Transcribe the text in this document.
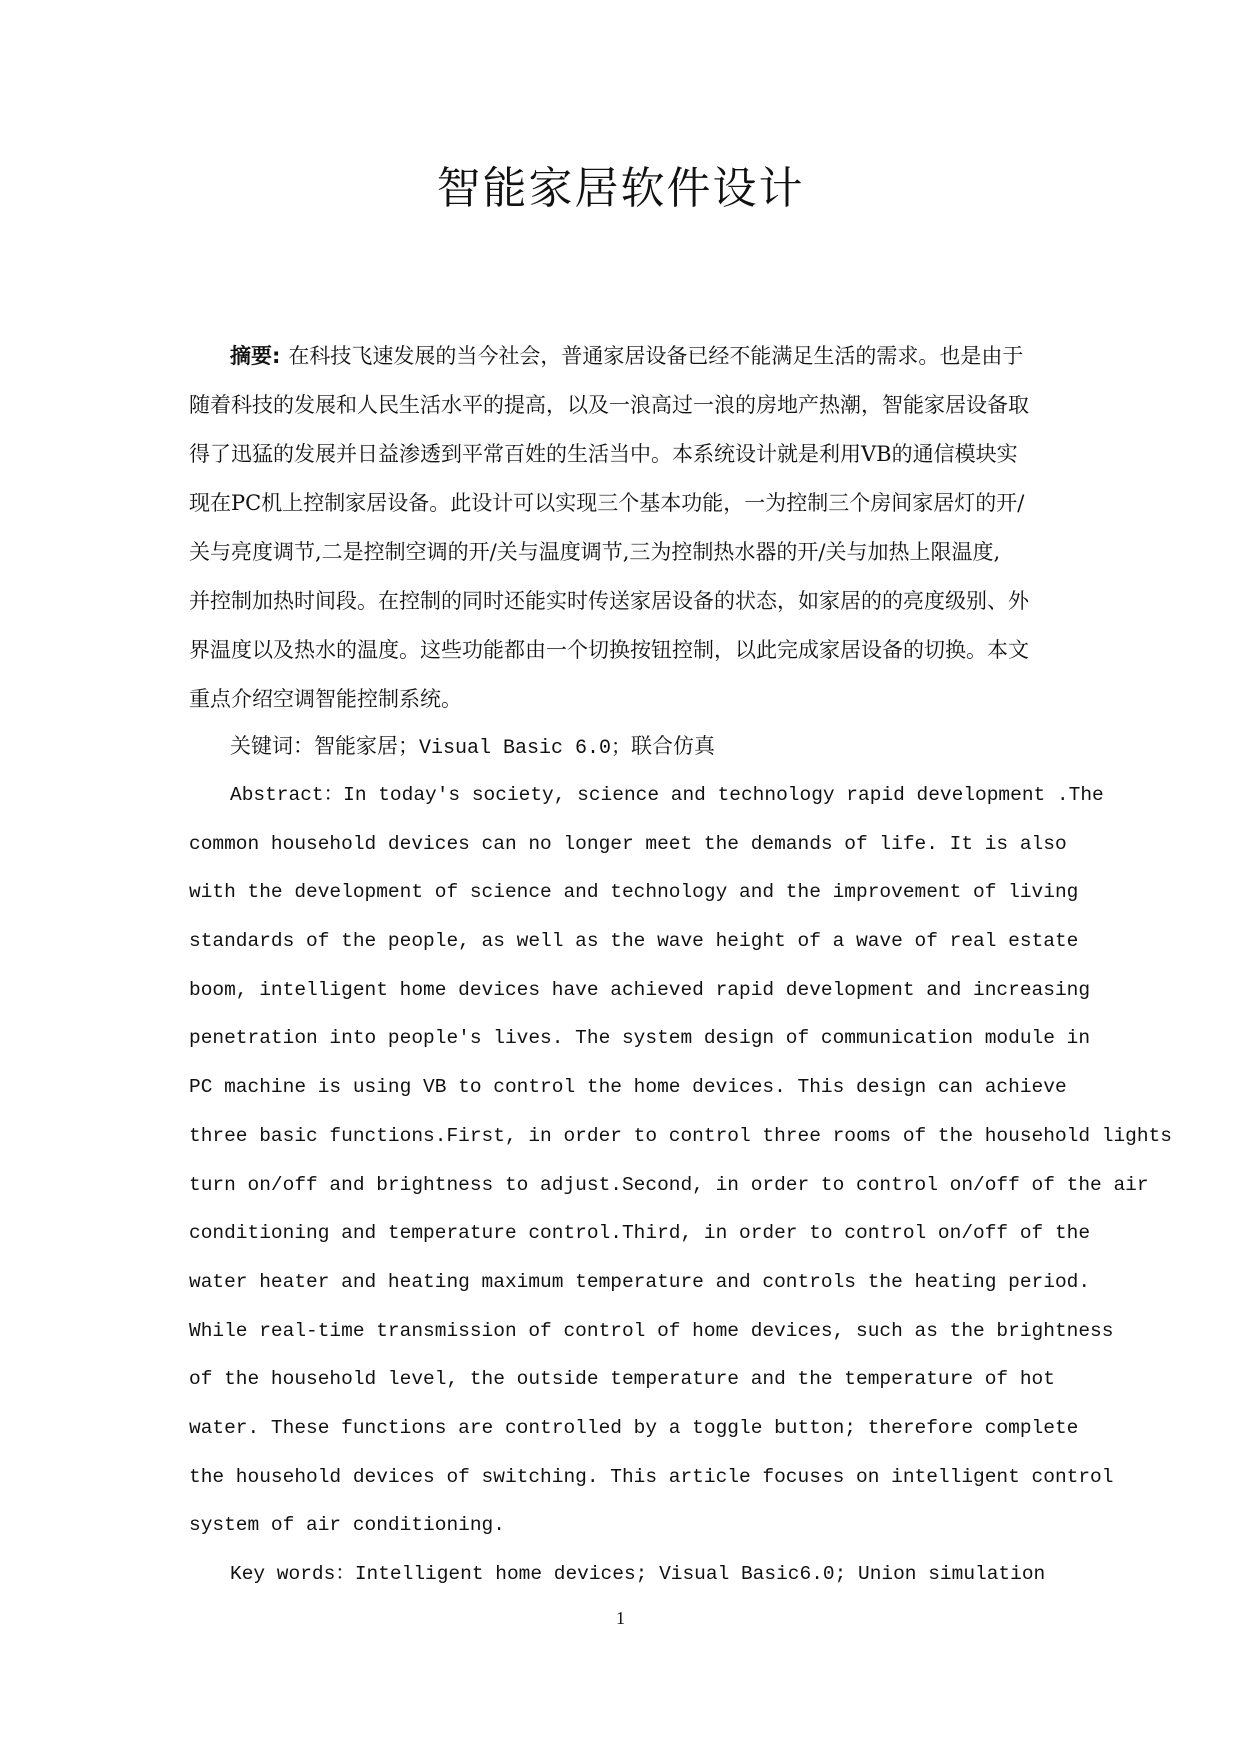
智能家居软件设计
摘要: 在科技飞速发展的当今社会，普通家居设备已经不能满足生活的需求。也是由于
随着科技的发展和人民生活水平的提高，以及一浪高过一浪的房地产热潮，智能家居设备取
得了迅猛的发展并日益渗透到平常百姓的生活当中。本系统设计就是利用VB的通信模块实
现在PC机上控制家居设备。此设计可以实现三个基本功能，一为控制三个房间家居灯的开/
关与亮度调节,二是控制空调的开/关与温度调节,三为控制热水器的开/关与加热上限温度,
并控制加热时间段。在控制的同时还能实时传送家居设备的状态，如家居的的亮度级别、外
界温度以及热水的温度。这些功能都由一个切换按钮控制，以此完成家居设备的切换。本文
重点介绍空调智能控制系统。
关键词：智能家居；Visual Basic 6.0；联合仿真
Abstract：In today's society, science and technology rapid development .The
common household devices can no longer meet the demands of life. It is also
with the development of science and technology and the improvement of living
standards of the people, as well as the wave height of a wave of real estate
boom, intelligent home devices have achieved rapid development and increasing
penetration into people's lives. The system design of communication module in
PC machine is using VB to control the home devices. This design can achieve
three basic functions.First, in order to control three rooms of the household lights
turn on/off and brightness to adjust.Second, in order to control on/off of the air
conditioning and temperature control.Third, in order to control on/off of the
water heater and heating maximum temperature and controls the heating period.
While real-time transmission of control of home devices, such as the brightness
of the household level, the outside temperature and the temperature of hot
water. These functions are controlled by a toggle button; therefore complete
the household devices of switching. This article focuses on intelligent control
system of air conditioning.
Key words：Intelligent home devices; Visual Basic6.0; Union simulation
1
